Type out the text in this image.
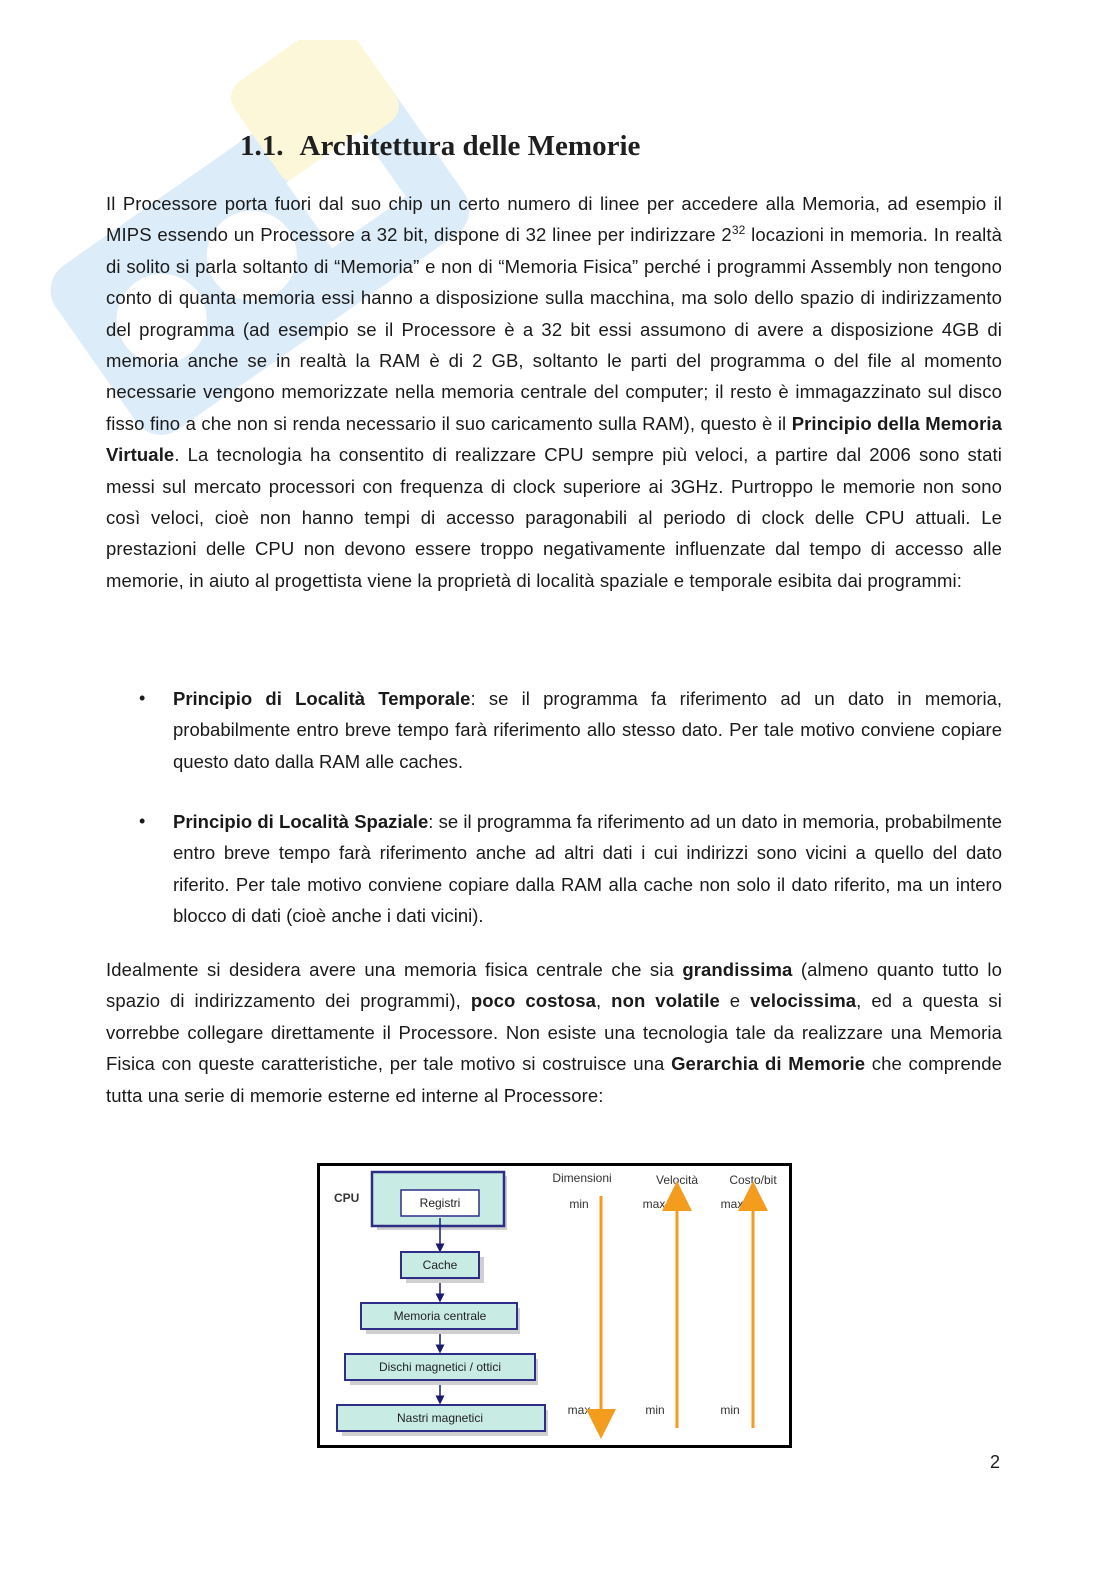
1.1. Architettura delle Memorie

Il Processore porta fuori dal suo chip un certo numero di linee per accedere alla Memoria, ad esempio il MIPS essendo un Processore a 32 bit, dispone di 32 linee per indirizzare $2^{32}$ locazioni in memoria. In realtà di solito si parla soltanto di “Memoria” e non di “Memoria Fisica” perché i programmi Assembly non tengono conto di quanta memoria essi hanno a disposizione sulla macchina, ma solo dello spazio di indirizzamento del programma (ad esempio se il Processore è a 32 bit essi assumono di avere a disposizione 4GB di memoria anche se in realtà la RAM è di 2 GB, soltanto le parti del programma o del file al momento necessarie vengono memorizzate nella memoria centrale del computer; il resto è immagazzinato sul disco fisso fino a che non si renda necessario il suo caricamento sulla RAM), questo è il Principio della Memoria Virtuale. La tecnologia ha consentito di realizzare CPU sempre più veloci, a partire dal 2006 sono stati messi sul mercato processori con frequenza di clock superiore ai 3GHz. Purtroppo le memorie non sono così veloci, cioè non hanno tempi di accesso paragonabili al periodo di clock delle CPU attuali. Le prestazioni delle CPU non devono essere troppo negativamente influenzate dal tempo di accesso alle memorie, in aiuto al progettista viene la proprietà di località spaziale e temporale esibita dai programmi:

• Principio di Località Temporale: se il programma fa riferimento ad un dato in memoria, probabilmente entro breve tempo farà riferimento allo stesso dato. Per tale motivo conviene copiare questo dato dalla RAM alle caches.

• Principio di Località Spaziale: se il programma fa riferimento ad un dato in memoria, probabilmente entro breve tempo farà riferimento anche ad altri dati i cui indirizzi sono vicini a quello del dato riferito. Per tale motivo conviene copiare dalla RAM alla cache non solo il dato riferito, ma un intero blocco di dati (cioè anche i dati vicini).

Idealmente si desidera avere una memoria fisica centrale che sia grandissima (almeno quanto tutto lo spazio di indirizzamento dei programmi), poco costosa, non volatile e velocissima, ed a questa si vorrebbe collegare direttamente il Processore. Non esiste una tecnologia tale da realizzare una Memoria Fisica con queste caratteristiche, per tale motivo si costruisce una Gerarchia di Memorie che comprende tutta una serie di memorie esterne ed interne al Processore:

CPU	Registri
Cache
Memoria centrale
Dischi magnetici / ottici
Nastri magnetici
Dimensioni	Velocità	Costo/bit
min	max	max
max	min	min
2
